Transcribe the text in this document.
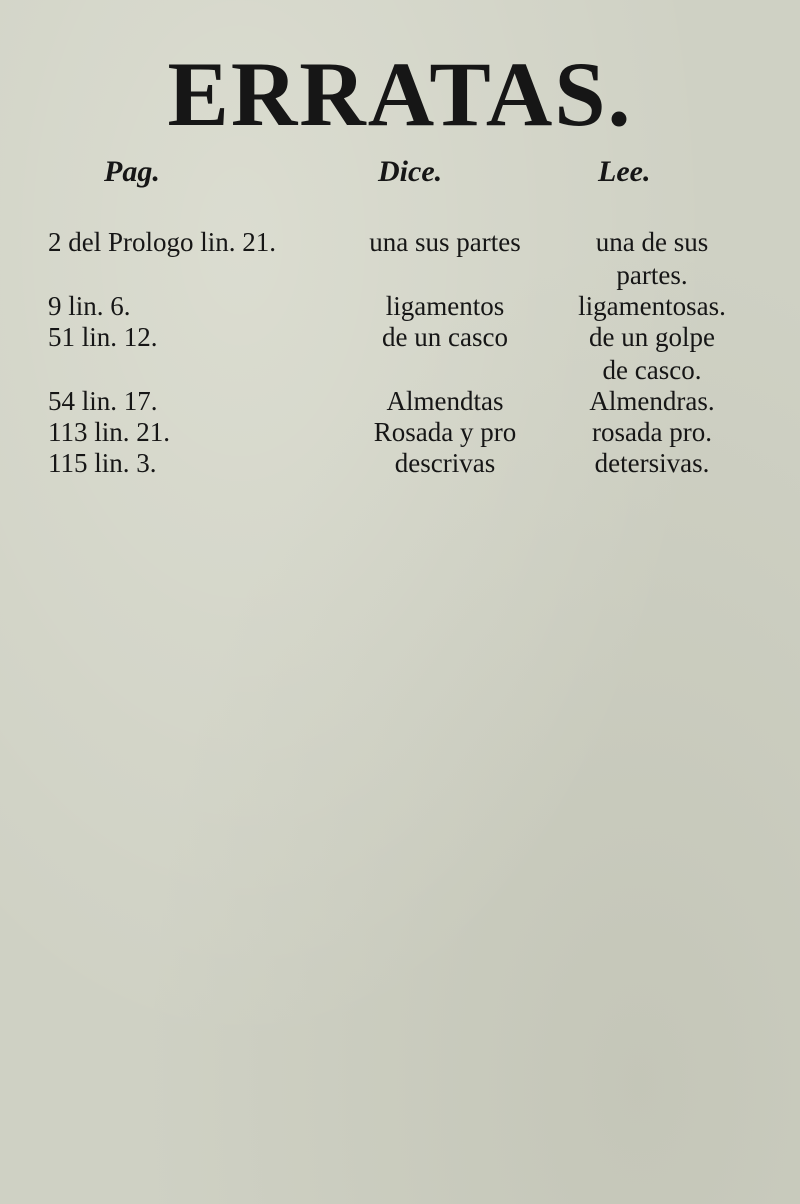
ERRATAS.
Pag.	Dice.	Lee.
2 del Prologo lin. 21.	una sus partes	una de sus
partes.
9 lin. 6.	ligamentos	ligamentosas.
51 lin. 12.	de un casco	de un golpe
de casco.
54 lin. 17.	Almendtas	Almendras.
113 lin. 21.	Rosada y pro	rosada pro.
115 lin. 3.	descrivas	detersivas.
